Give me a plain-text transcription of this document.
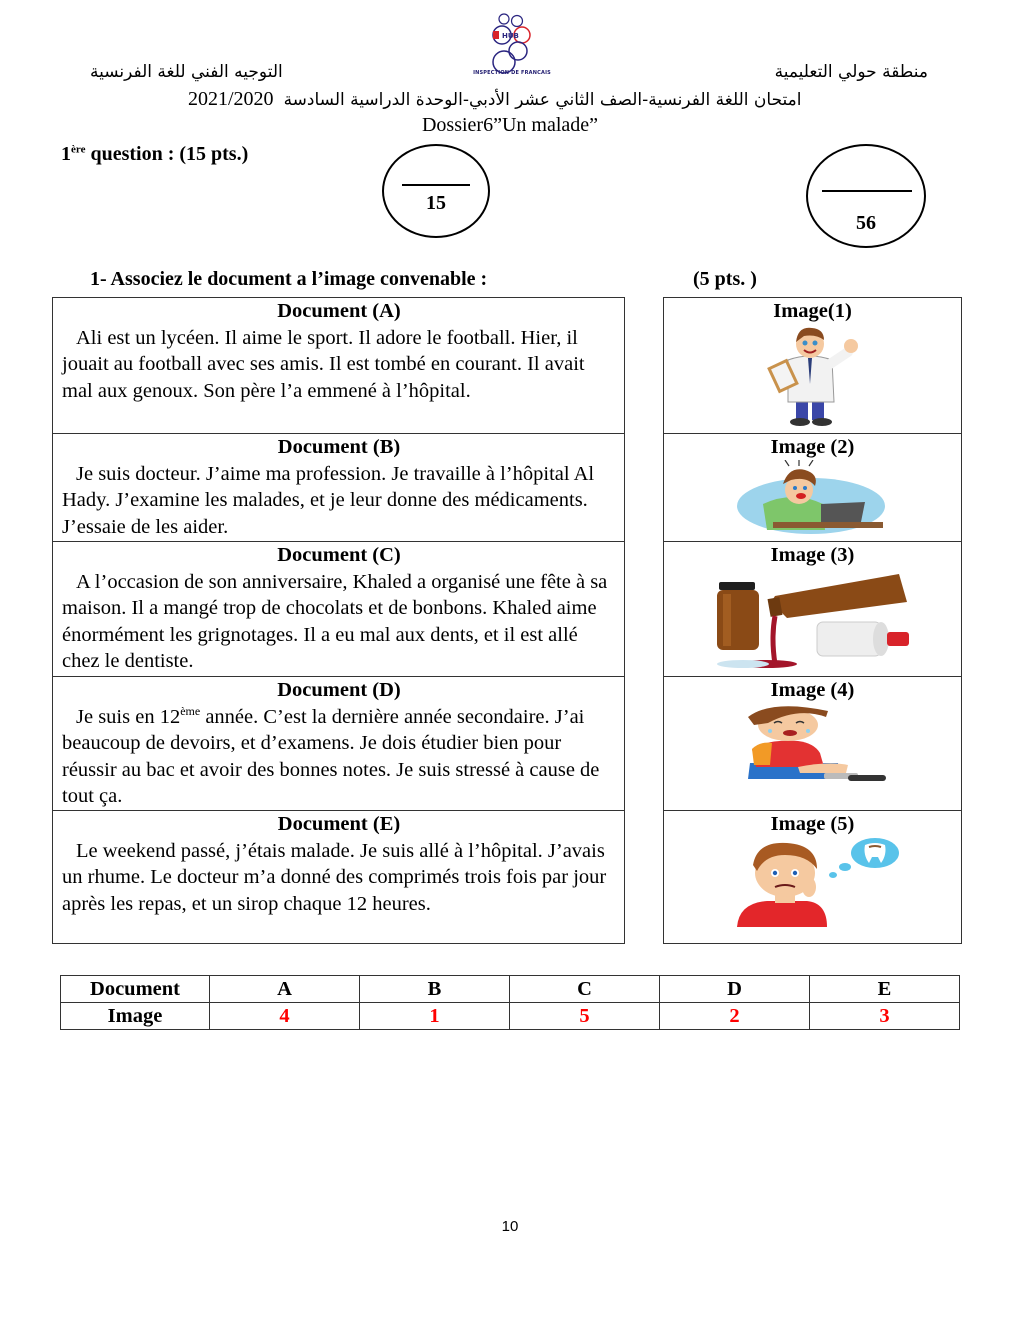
HUB
INSPECTION DE FRANCAIS	منطقة حولي التعليمية
التوجيه الفني للغة الفرنسية
2021/2020 امتحان اللغة الفرنسية-الصف الثاني عشر الأدبي-الوحدة الدراسية السادسة
Dossier6”Un malade”
1ère question : (15 pts.)
15
56
1- Associez le document a l’image convenable :	(5 pts. )
Document (A)
Ali est un lycéen. Il aime le sport. Il adore le football. Hier, il jouait au football avec ses amis. Il est tombé en courant. Il avait mal aux genoux. Son père l’a emmené à l’hôpital.
Document (B)
Je suis docteur. J’aime ma profession. Je travaille à l’hôpital Al Hady. J’examine les malades, et je leur donne des médicaments. J’essaie de les aider.
Document (C)
A l’occasion de son anniversaire, Khaled a organisé une fête à sa maison. Il a mangé trop de chocolats et de bonbons. Khaled aime énormément les grignotages. Il a eu mal aux dents, et il est allé chez le dentiste.
Document (D)
Je suis en 12ème année. C’est la dernière année secondaire. J’ai beaucoup de devoirs, et d’examens. Je dois étudier bien pour réussir au bac et avoir des bonnes notes. Je suis stressé à cause de tout ça.
Document (E)
Le weekend passé, j’étais malade. Je suis allé à l’hôpital. J’avais un rhume. Le docteur m’a donné des comprimés trois fois par jour après les repas, et un sirop chaque 12 heures.
Image(1)
Image (2)
Image (3)
Image (4)
Image (5)
Document	A	B	C	D	E
Image	4	1	5	2	3
10
